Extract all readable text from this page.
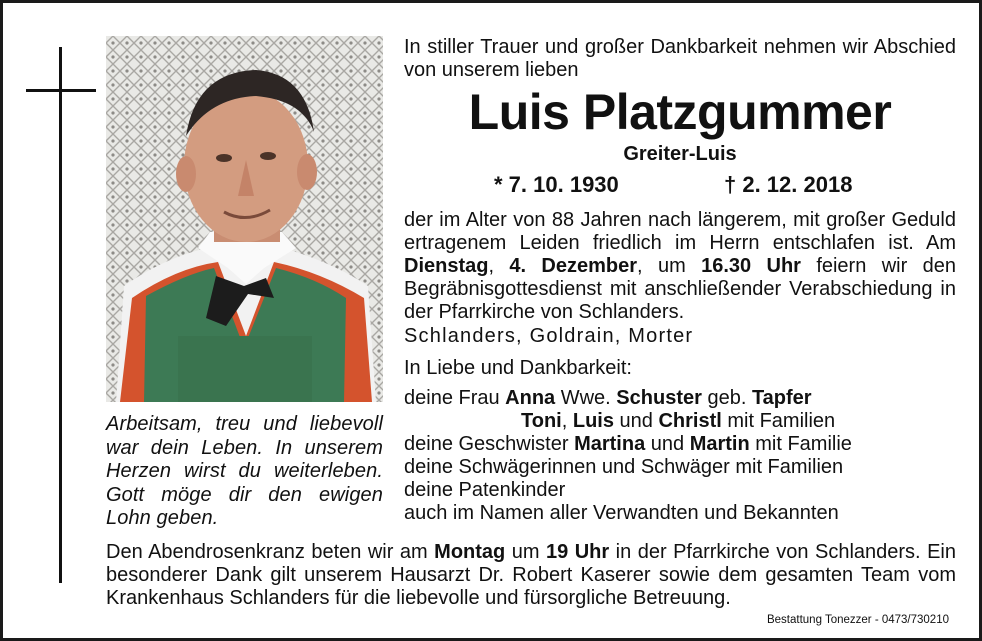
Arbeitsam, treu und liebevoll war dein Leben. In unserem Herzen wirst du weiterleben. Gott möge dir den ewigen Lohn geben.
In stiller Trauer und großer Dankbarkeit nehmen wir Abschied von unserem lieben
Luis Platzgummer
Greiter-Luis
* 7. 10. 1930	† 2. 12. 2018
der im Alter von 88 Jahren nach längerem, mit großer Geduld ertragenem Leiden friedlich im Herrn entschlafen ist. Am Dienstag, 4. Dezember, um 16.30 Uhr feiern wir den Begräbnisgottesdienst mit anschließender Verabschiedung in der Pfarrkirche von Schlanders.
Schlanders, Goldrain, Morter
In Liebe und Dankbarkeit:
deine Frau Anna Wwe. Schuster geb. Tapfer
Toni, Luis und Christl mit Familien
deine Geschwister Martina und Martin mit Familie
deine Schwägerinnen und Schwäger mit Familien
deine Patenkinder
auch im Namen aller Verwandten und Bekannten
Den Abendrosenkranz beten wir am Montag um 19 Uhr in der Pfarrkirche von Schlanders. Ein besonderer Dank gilt unserem Hausarzt Dr. Robert Kaserer sowie dem gesamten Team vom Krankenhaus Schlanders für die liebevolle und fürsorgliche Betreuung.
Bestattung Tonezzer - 0473/730210
